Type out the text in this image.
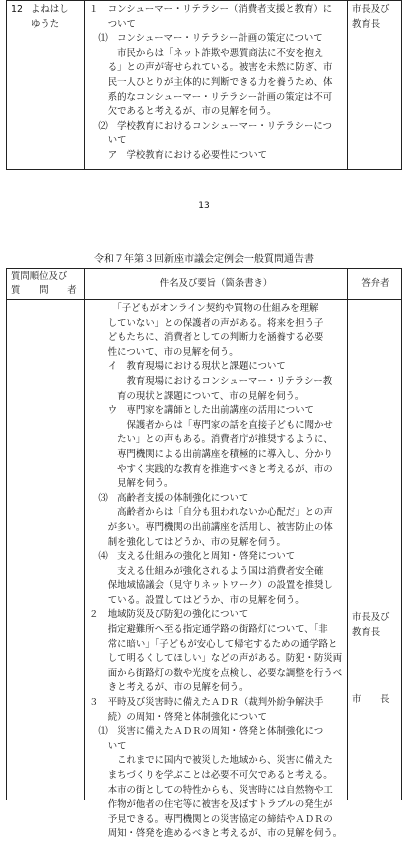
12 よねはし
ゆうた
１　コンシューマー・リテラシー（消費者支援と教育）に
　　ついて
　⑴　コンシューマー・リテラシー計画の策定について
　　　市民からは「ネット詐欺や悪質商法に不安を抱え
　　る」との声が寄せられている。被害を未然に防ぎ、市
　　民一人ひとりが主体的に判断できる力を養うため、体
　　系的なコンシューマー・リテラシー計画の策定は不可
　　欠であると考えるが、市の見解を伺う。
　⑵　学校教育におけるコンシューマー・リテラシーにつ
　　いて
　　ア　学校教育における必要性について
市長及び
教育長
13
令和７年第３回新座市議会定例会一般質問通告書
質問順位及び
質　　問　　者
件名及び要旨（箇条書き）	答弁者
　　　「子どもがオンライン契約や買物の仕組みを理解
　　していない」との保護者の声がある。将来を担う子
　　どもたちに、消費者としての判断力を涵養する必要
　　性について、市の見解を伺う。
　　イ　教育現場における現状と課題について
　　　　教育現場におけるコンシューマー・リテラシー教
　　　育の現状と課題について、市の見解を伺う。
　　ウ　専門家を講師とした出前講座の活用について
　　　　保護者からは「専門家の話を直接子どもに聞かせ
　　　たい」との声もある。消費者庁が推奨するように、
　　　専門機関による出前講座を積極的に導入し、分かり
　　　やすく実践的な教育を推進すべきと考えるが、市の
　　　見解を伺う。
　⑶　高齢者支援の体制強化について
　　　高齢者からは「自分も狙われないか心配だ」との声
　　が多い。専門機関の出前講座を活用し、被害防止の体
　　制を強化してはどうか、市の見解を伺う。
　⑷　支える仕組みの強化と周知・啓発について
　　　支える仕組みが強化されるよう国は消費者安全確
　　保地域協議会（見守りネットワーク）の設置を推奨し
　　ている。設置してはどうか、市の見解を伺う。
２　地域防災及び防犯の強化について
　　指定避難所へ至る指定通学路の街路灯について、「非
　　常に暗い」「子どもが安心して帰宅するための通学路と
　　して明るくしてほしい」などの声がある。防犯・防災両
　　面から街路灯の数や光度を点検し、必要な調整を行うべ
　　きと考えるが、市の見解を伺う。
３　平時及び災害時に備えたＡＤＲ（裁判外紛争解決手
　　続）の周知・啓発と体制強化について
　⑴　災害に備えたＡＤＲの周知・啓発と体制強化につ
　　いて
　　　これまでに国内で被災した地域から、災害に備えた
　　まちづくりを学ぶことは必要不可欠であると考える。
　　本市の街としての特性からも、災害時には自然物や工
　　作物が他者の住宅等に被害を及ぼすトラブルの発生が
　　予見できる。専門機関との災害協定の締結やＡＤＲの
　　周知・啓発を進めるべきと考えるが、市の見解を伺う。
市長及び
教育長
市　　長
